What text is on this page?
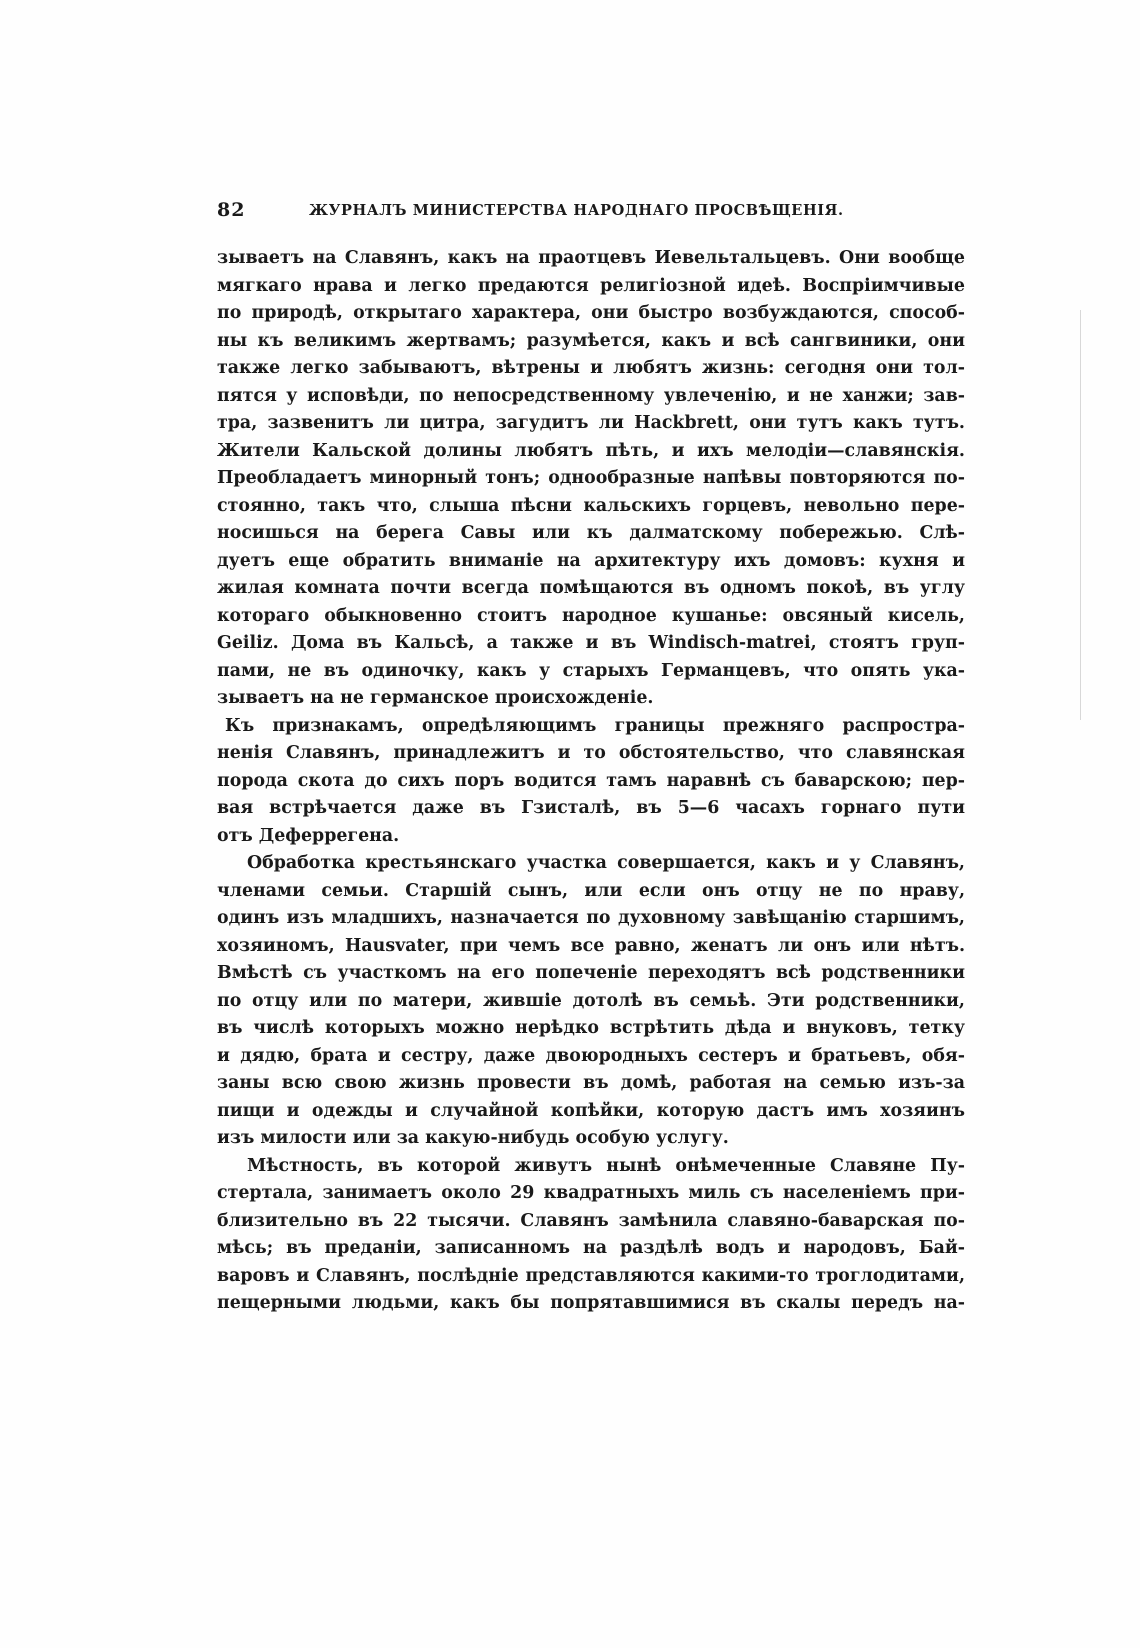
82	ЖУРНАЛЪ МИНИСТЕРСТВА НАРОДНАГО ПРОСВѢЩЕНІЯ.
зываетъ на Славянъ, какъ на праотцевъ Иевельтальцевъ. Они вообще
мягкаго нрава и легко предаются религіозной идеѣ. Воспріимчивые
по природѣ, открытаго характера, они быстро возбуждаются, способ-
ны къ великимъ жертвамъ; разумѣется, какъ и всѣ сангвиники, они
также легко забываютъ, вѣтрены и любятъ жизнь: сегодня они тол-
пятся у исповѣди, по непосредственному увлеченію, и не ханжи; зав-
тра, зазвенитъ ли цитра, загудитъ ли Hackbrett, они тутъ какъ тутъ.
Жители Кальской долины любятъ пѣть, и ихъ мелодіи—славянскія.
Преобладаетъ минорный тонъ; однообразные напѣвы повторяются по-
стоянно, такъ что, слыша пѣсни кальскихъ горцевъ, невольно пере-
носишься на берега Савы или къ далматскому побережью. Слѣ-
дуетъ еще обратить вниманіе на архитектуру ихъ домовъ: кухня и
жилая комната почти всегда помѣщаются въ одномъ покоѣ, въ углу
котораго обыкновенно стоитъ народное кушанье: овсяный кисель,
Geiliz. Дома въ Кальсѣ, а также и въ Windisch-matrei, стоятъ груп-
пами, не въ одиночку, какъ у старыхъ Германцевъ, что опять ука-
зываетъ на не германское происхожденіе.
Къ признакамъ, опредѣляющимъ границы прежняго распростра-
ненія Славянъ, принадлежитъ и то обстоятельство, что славянская
порода скота до сихъ поръ водится тамъ наравнѣ съ баварскою; пер-
вая встрѣчается даже въ Гзисталѣ, въ 5—6 часахъ горнаго пути
отъ Деферрегена.
Обработка крестьянскаго участка совершается, какъ и у Славянъ,
членами семьи. Старшій сынъ, или если онъ отцу не по нраву,
одинъ изъ младшихъ, назначается по духовному завѣщанію старшимъ,
хозяиномъ, Hausvater, при чемъ все равно, женатъ ли онъ или нѣтъ.
Вмѣстѣ съ участкомъ на его попеченіе переходятъ всѣ родственники
по отцу или по матери, жившіе дотолѣ въ семьѣ. Эти родственники,
въ числѣ которыхъ можно нерѣдко встрѣтить дѣда и внуковъ, тетку
и дядю, брата и сестру, даже двоюродныхъ сестеръ и братьевъ, обя-
заны всю свою жизнь провести въ домѣ, работая на семью изъ-за
пищи и одежды и случайной копѣйки, которую дастъ имъ хозяинъ
изъ милости или за какую-нибудь особую услугу.
Мѣстность, въ которой живутъ нынѣ онѣмеченные Славяне Пу-
стертала, занимаетъ около 29 квадратныхъ миль съ населеніемъ при-
близительно въ 22 тысячи. Славянъ замѣнила славяно-баварская по-
мѣсь; въ преданіи, записанномъ на раздѣлѣ водъ и народовъ, Бай-
варовъ и Славянъ, послѣдніе представляются какими-то троглодитами,
пещерными людьми, какъ бы попрятавшимися въ скалы передъ на-
